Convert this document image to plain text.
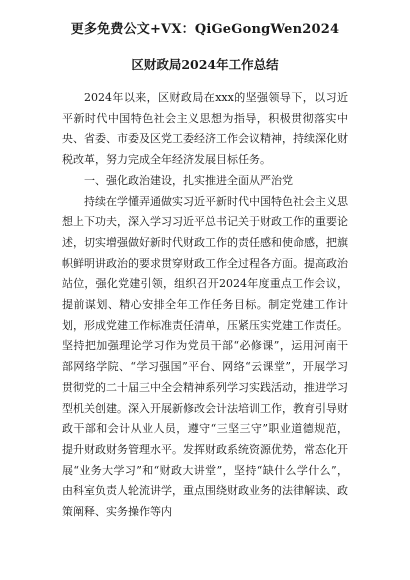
更多免费公文+VX：QiGeGongWen2024
区财政局2024年工作总结

2024年以来，区财政局在xxx的坚强领导下，以习近平新时代中国特色社会主义思想为指导，积极贯彻落实中央、省委、市委及区党工委经济工作会议精神，持续深化财税改革，努力完成全年经济发展目标任务。

一、强化政治建设，扎实推进全面从严治党

持续在学懂弄通做实习近平新时代中国特色社会主义思想上下功夫，深入学习习近平总书记关于财政工作的重要论述，切实增强做好新时代财政工作的责任感和使命感，把旗帜鲜明讲政治的要求贯穿财政工作全过程各方面。提高政治站位，强化党建引领，组织召开2024年度重点工作会议，提前谋划、精心安排全年工作任务目标。制定党建工作计划，形成党建工作标准责任清单，压紧压实党建工作责任。坚持把加强理论学习作为党员干部“必修课”，运用河南干部网络学院、“学习强国”平台、网络“云课堂”，开展学习贯彻党的二十届三中全会精神系列学习实践活动，推进学习型机关创建。深入开展新修改会计法培训工作，教育引导财政干部和会计从业人员，遵守“三坚三守”职业道德规范，提升财政财务管理水平。发挥财政系统资源优势，常态化开展“业务大学习”和“财政大讲堂”，坚持“缺什么学什么”，由科室负责人轮流讲学，重点围绕财政业务的法律解读、政策阐释、实务操作等内
